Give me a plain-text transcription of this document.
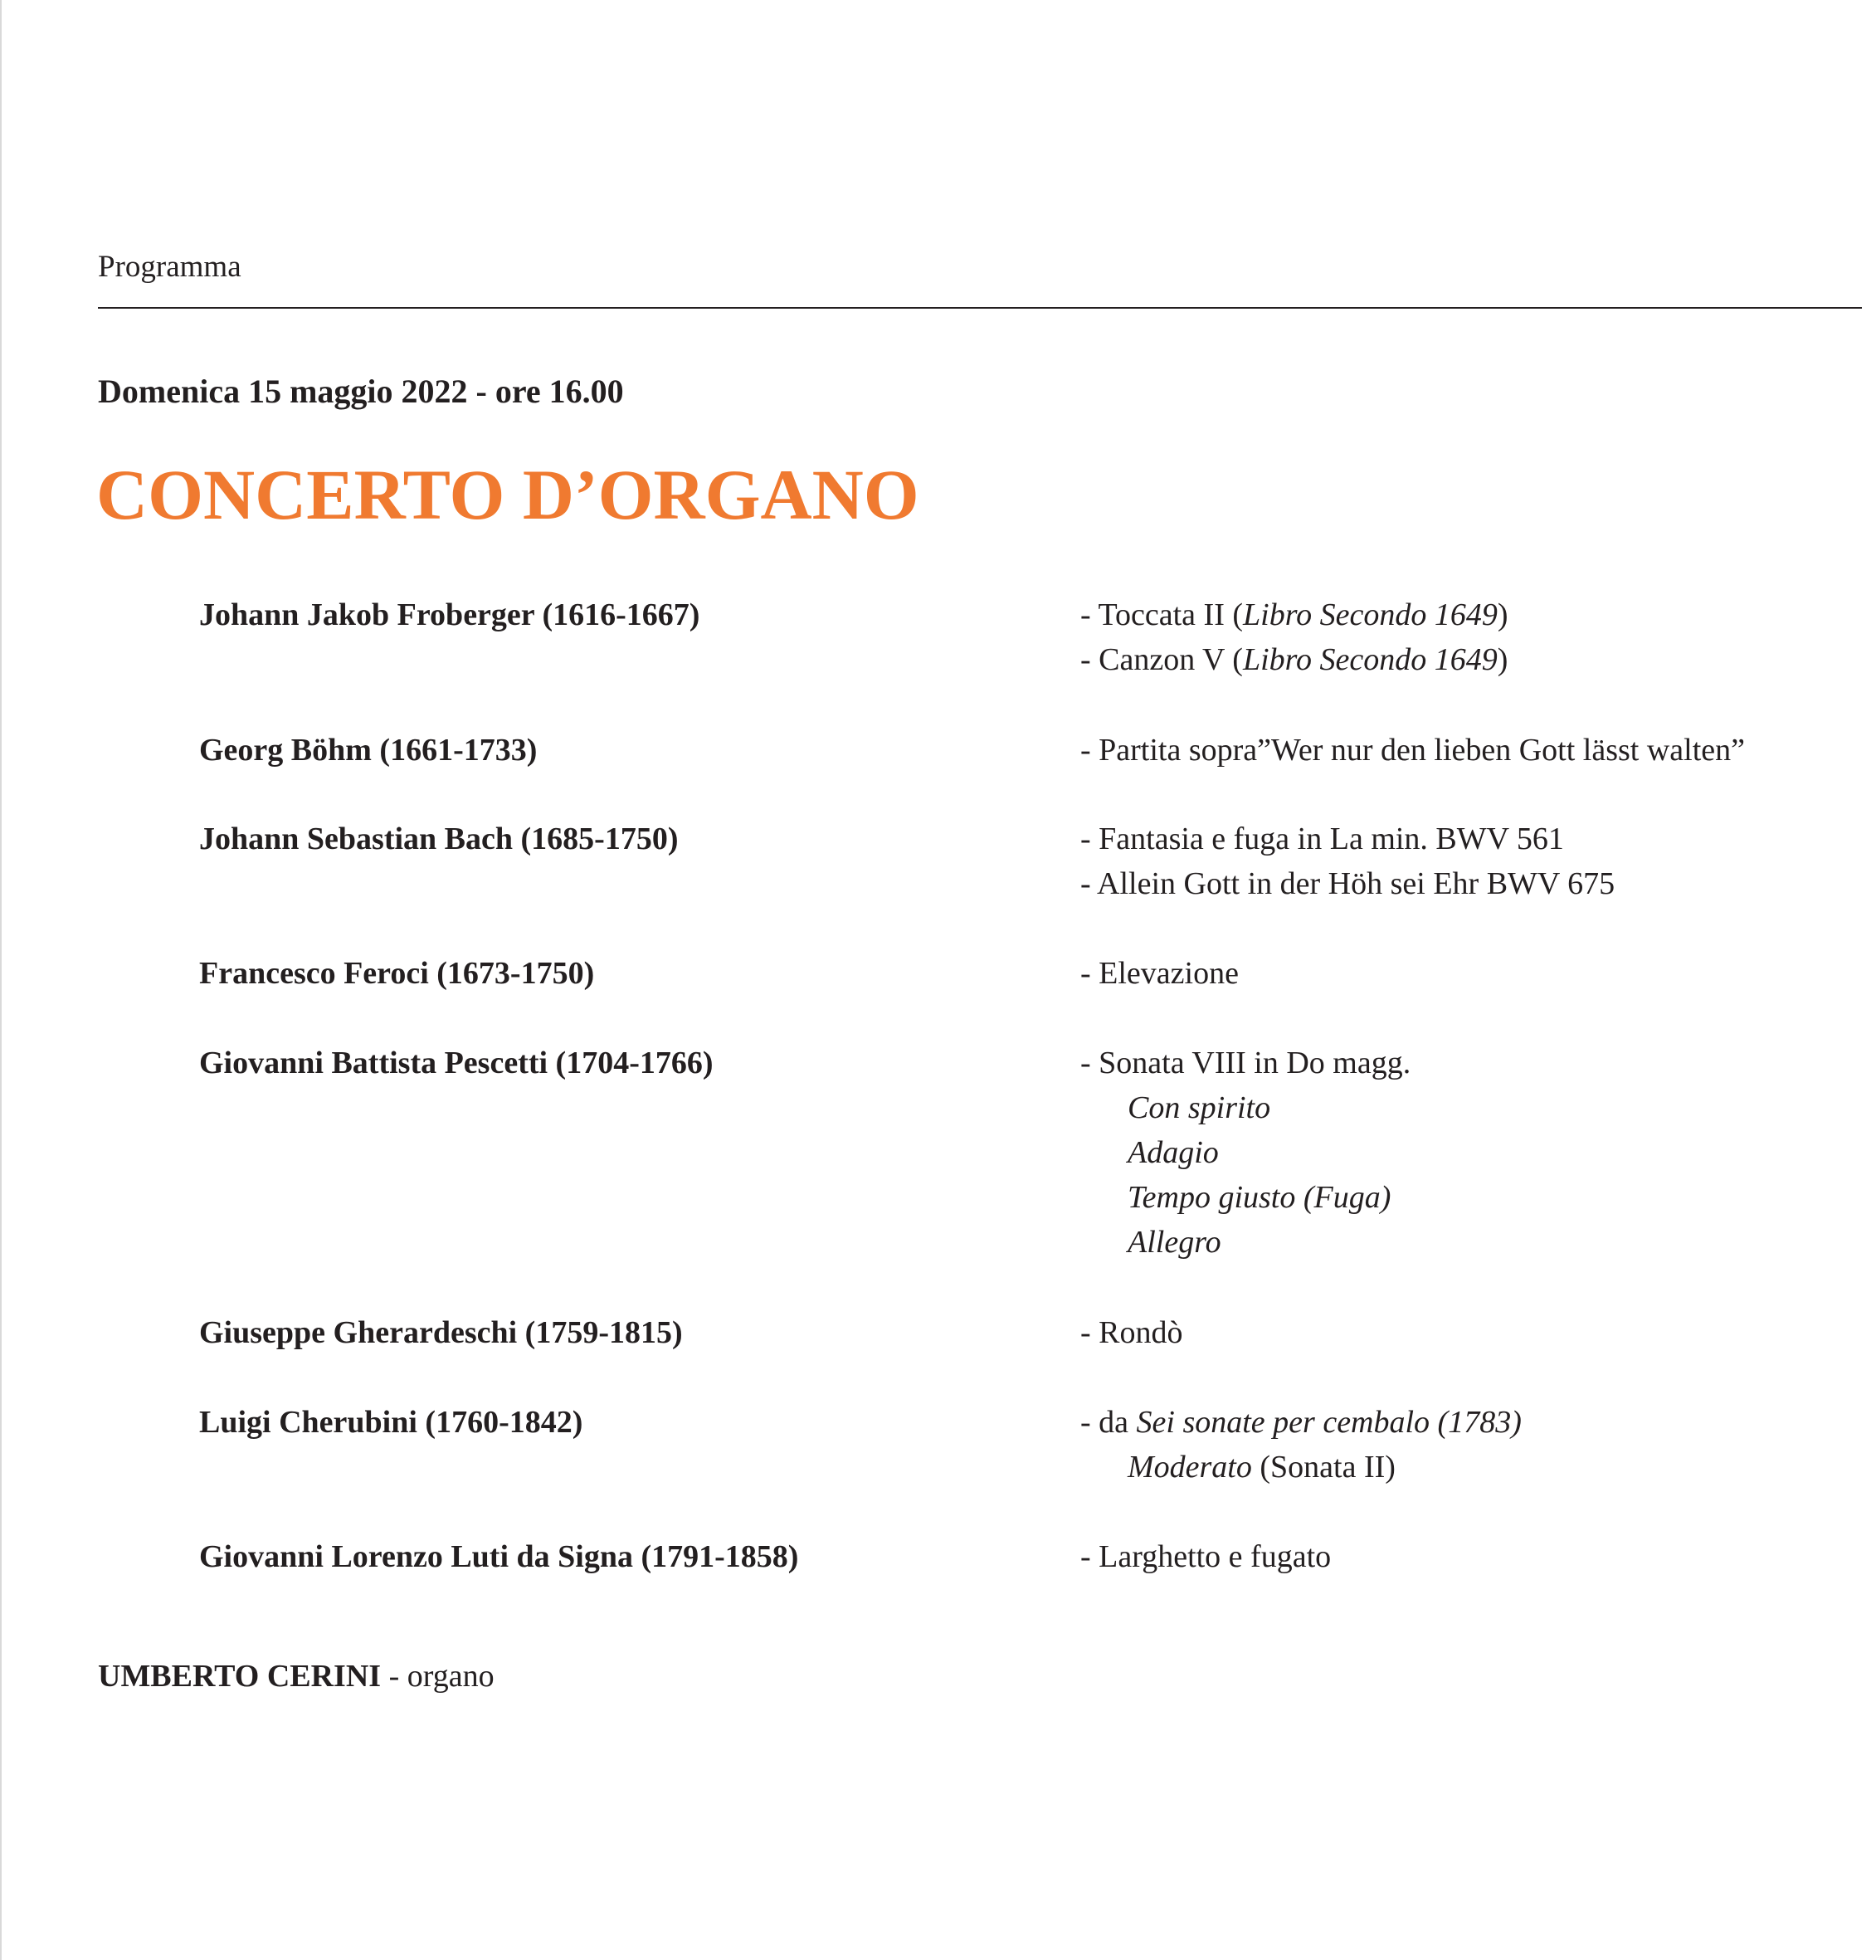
Programma
Domenica 15 maggio 2022 - ore 16.00
CONCERTO D’ORGANO
Johann Jakob Froberger (1616-1667)	- Toccata II (Libro Secondo 1649)
- Canzon V (Libro Secondo 1649)
Georg Böhm (1661-1733)	- Partita sopra”Wer nur den lieben Gott lässt walten”
Johann Sebastian Bach (1685-1750)	- Fantasia e fuga in La min. BWV 561
- Allein Gott in der Höh sei Ehr BWV 675
Francesco Feroci (1673-1750)	- Elevazione
Giovanni Battista Pescetti (1704-1766)	- Sonata VIII in Do magg.
Con spirito
Adagio
Tempo giusto (Fuga)
Allegro
Giuseppe Gherardeschi (1759-1815)	- Rondò
Luigi Cherubini (1760-1842)	- da Sei sonate per cembalo (1783)
Moderato (Sonata II)
Giovanni Lorenzo Luti da Signa (1791-1858)	- Larghetto e fugato
UMBERTO CERINI - organo
